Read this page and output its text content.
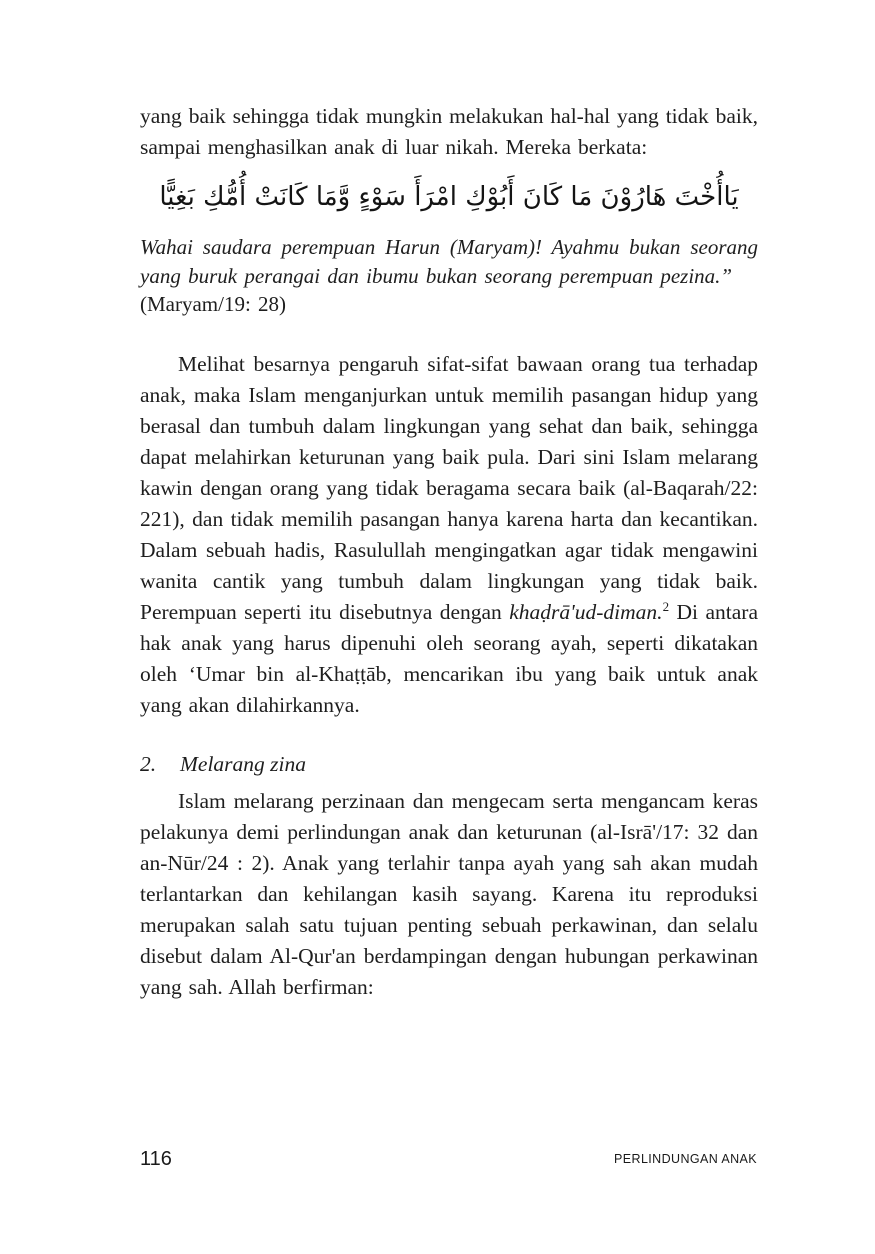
yang baik sehingga tidak mungkin melakukan hal-hal yang tidak baik, sampai menghasilkan anak di luar nikah. Mereka berkata:

يَاأُخْتَ هَارُوْنَ مَا كَانَ أَبُوْكِ امْرَأَ سَوْءٍ وَّمَا كَانَتْ أُمُّكِ بَغِيًّا
Wahai saudara perempuan Harun (Maryam)! Ayahmu bukan seorang yang buruk perangai dan ibumu bukan seorang perempuan pezina.”
(Maryam/19: 28)

Melihat besarnya pengaruh sifat-sifat bawaan orang tua terhadap anak, maka Islam menganjurkan untuk memilih pasangan hidup yang berasal dan tumbuh dalam lingkungan yang sehat dan baik, sehingga dapat melahirkan keturunan yang baik pula. Dari sini Islam melarang kawin dengan orang yang tidak beragama secara baik (al-Baqarah/22: 221), dan tidak memilih pasangan hanya karena harta dan kecantikan. Dalam sebuah hadis, Rasulullah mengingatkan agar tidak mengawini wanita cantik yang tumbuh dalam lingkungan yang tidak baik. Perempuan seperti itu disebutnya dengan khaḍrā'ud-diman.$^2$ Di antara hak anak yang harus dipenuhi oleh seorang ayah, seperti dikatakan oleh ‘Umar bin al-Khaṭṭāb, mencarikan ibu yang baik untuk anak yang akan dilahirkannya.

2.	Melarang zina

Islam melarang perzinaan dan mengecam serta mengancam keras pelakunya demi perlindungan anak dan keturunan (al-Isrā'/17: 32 dan an-Nūr/24 : 2). Anak yang terlahir tanpa ayah yang sah akan mudah terlantarkan dan kehilangan kasih sayang. Karena itu reproduksi merupakan salah satu tujuan penting sebuah perkawinan, dan selalu disebut dalam Al-Qur'an berdampingan dengan hubungan perkawinan yang sah. Allah berfirman:

116	PERLINDUNGAN ANAK
